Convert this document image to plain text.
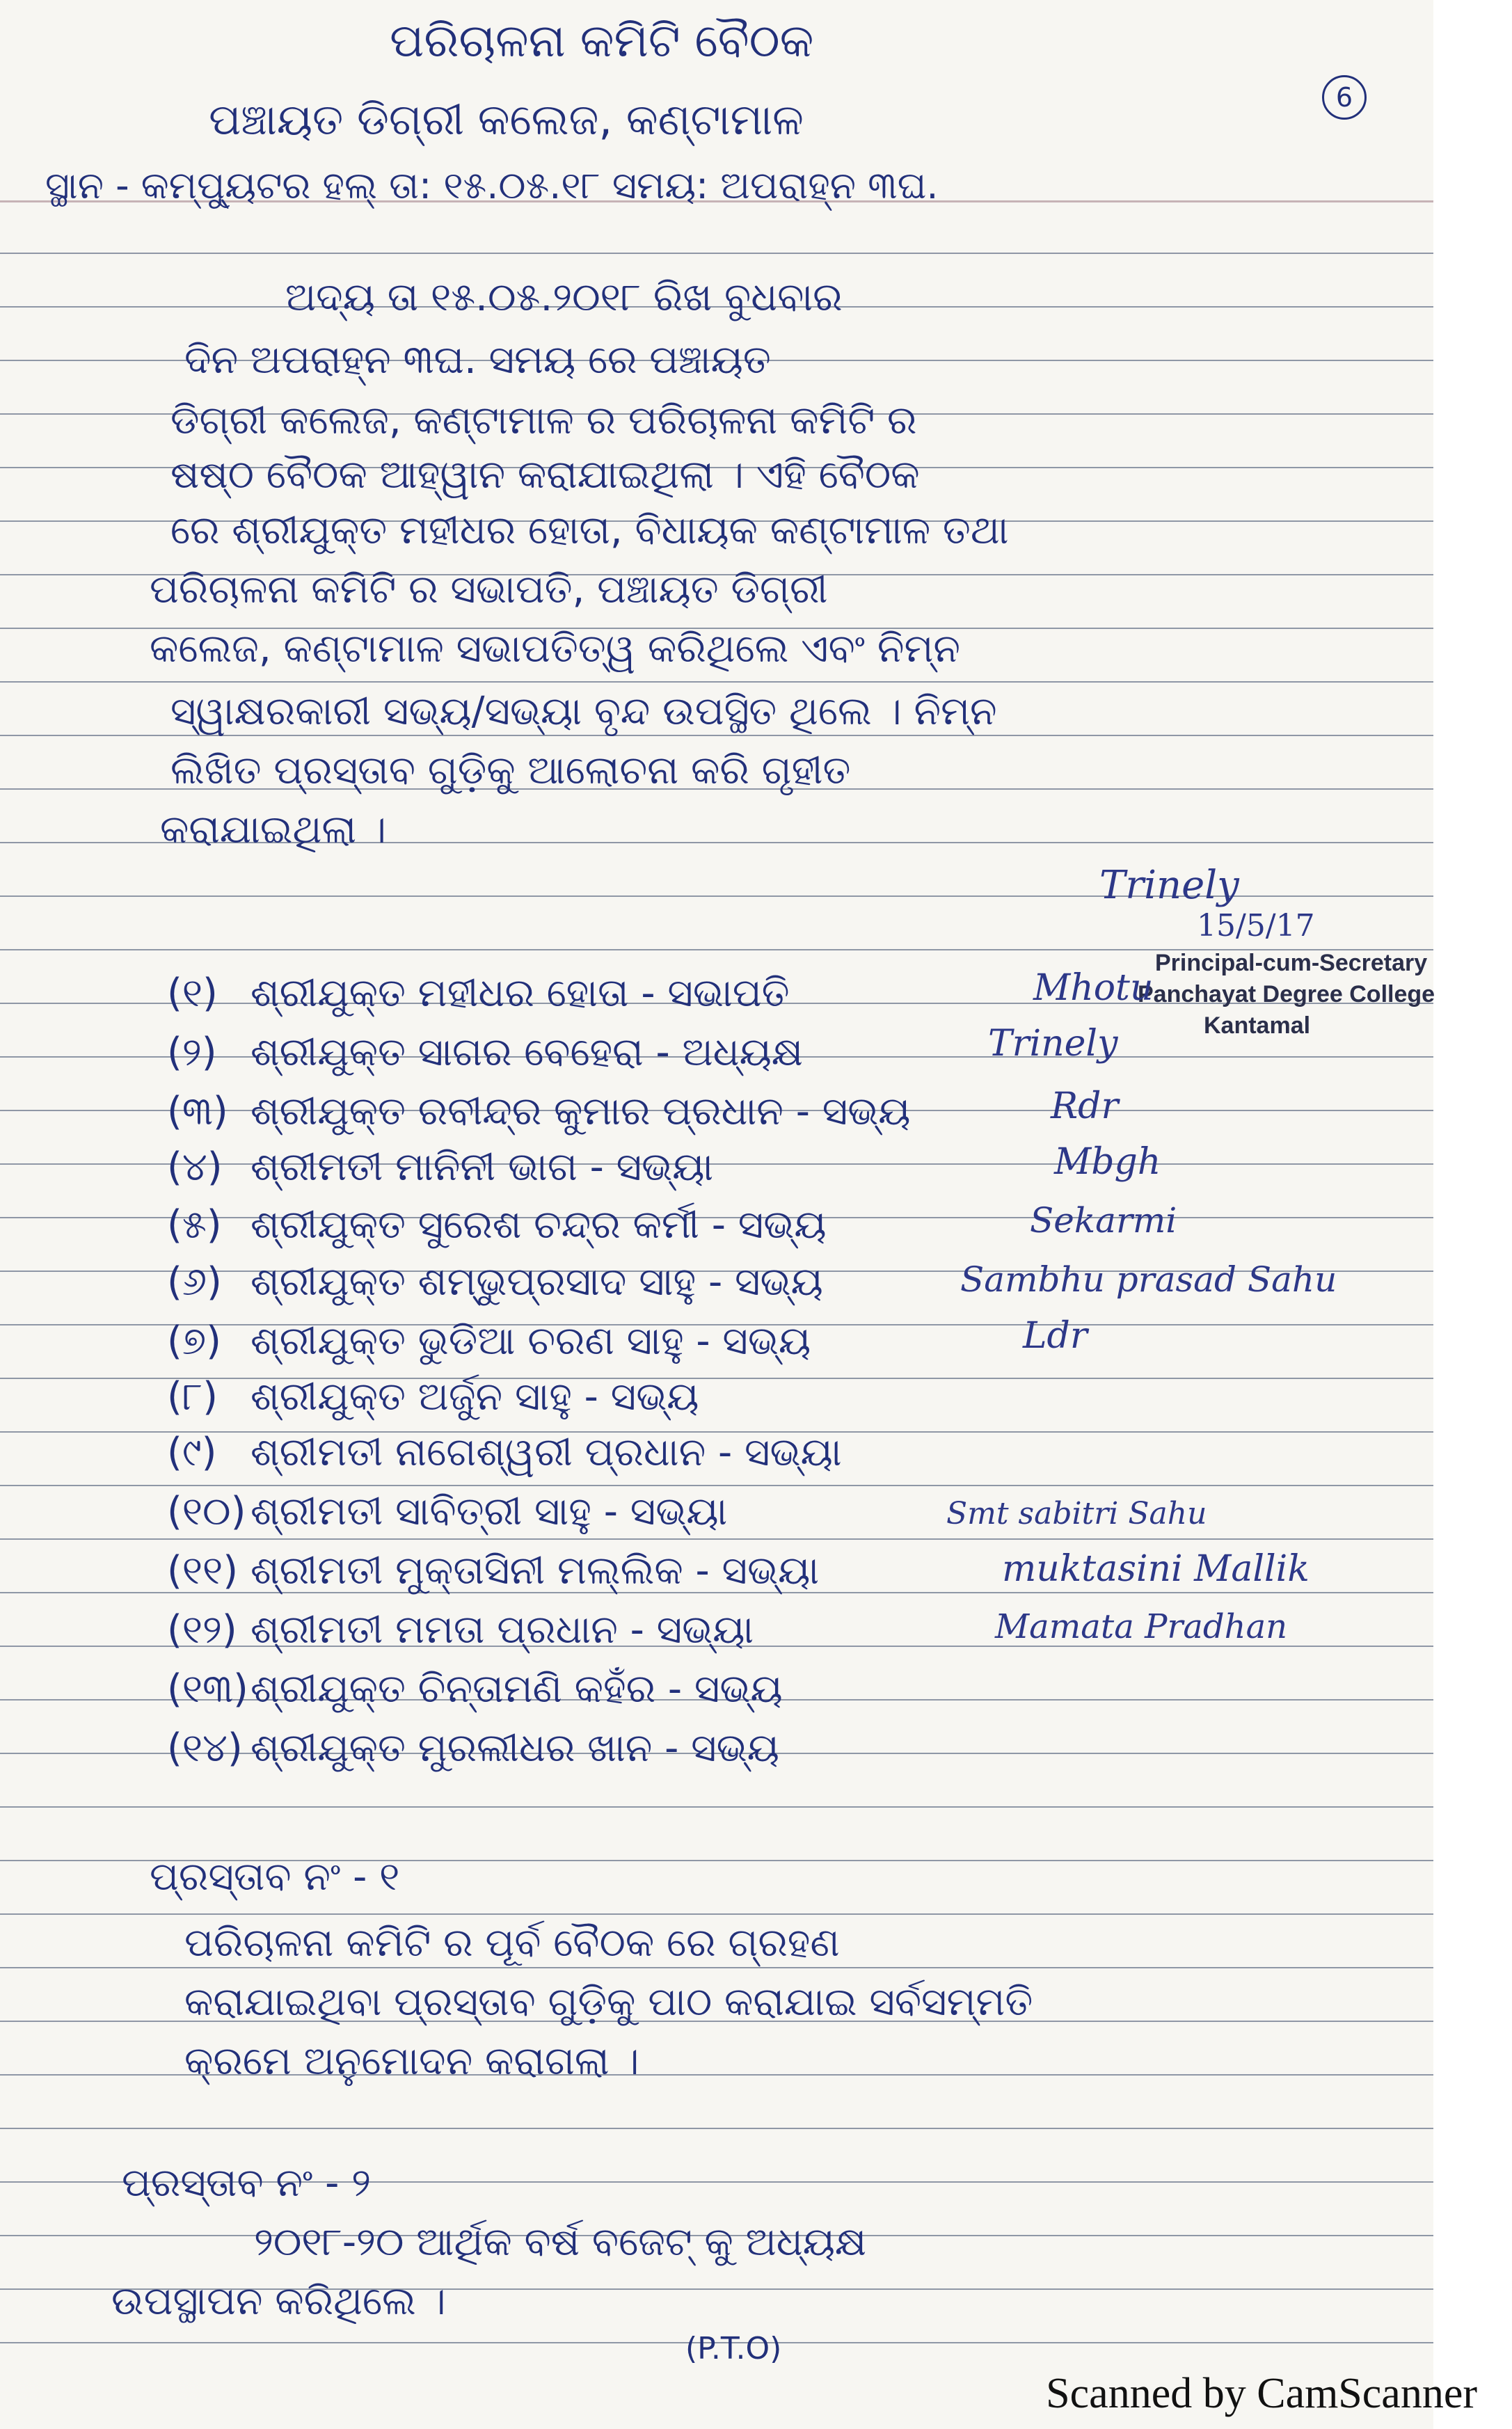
ପରିଚାଳନା କମିଟି ବୈଠକ
ପଞ୍ଚାୟତ ଡିଗ୍ରୀ କଲେଜ, କଣ୍ଟାମାଳ
ସ୍ଥାନ - କମ୍ପ୍ୟୁଟର ହଲ୍ ତା: ୧୫.୦୫.୧୮ ସମୟ: ଅପରାହ୍ନ ୩ଘ.
6
ଅଦ୍ୟ ତା ୧୫.୦୫.୨୦୧୮ ରିଖ ବୁଧବାର
ଦିନ ଅପରାହ୍ନ ୩ଘ. ସମୟ ରେ ପଞ୍ଚାୟତ
ଡିଗ୍ରୀ କଲେଜ, କଣ୍ଟାମାଳ ର ପରିଚାଳନା କମିଟି ର
ଷଷ୍ଠ ବୈଠକ ଆହ୍ୱାନ କରାଯାଇଥିଲା । ଏହି ବୈଠକ
ରେ ଶ୍ରୀଯୁକ୍ତ ମହୀଧର ହୋତା, ବିଧାୟକ କଣ୍ଟାମାଳ ତଥା
ପରିଚାଳନା କମିଟି ର ସଭାପତି, ପଞ୍ଚାୟତ ଡିଗ୍ରୀ
କଲେଜ, କଣ୍ଟାମାଳ ସଭାପତିତ୍ୱ କରିଥିଲେ ଏବଂ ନିମ୍ନ
ସ୍ୱାକ୍ଷରକାରୀ ସଭ୍ୟ/ସଭ୍ୟା ବୃନ୍ଦ ଉପସ୍ଥିତ ଥିଲେ । ନିମ୍ନ
ଲିଖିତ ପ୍ରସ୍ତାବ ଗୁଡ଼ିକୁ ଆଲୋଚନା କରି ଗୃହୀତ
କରାଯାଇଥିଲା ।
Trinely
15/5/17
Principal-cum-Secretary
Panchayat Degree College
Kantamal
(୧) ଶ୍ରୀଯୁକ୍ତ ମହୀଧର ହୋତା - ସଭାପତି	Mhotu
(୨) ଶ୍ରୀଯୁକ୍ତ ସାଗର ବେହେରା - ଅଧ୍ୟକ୍ଷ	Trinely
(୩) ଶ୍ରୀଯୁକ୍ତ ରବୀନ୍ଦ୍ର କୁମାର ପ୍ରଧାନ - ସଭ୍ୟ	Rdr
(୪) ଶ୍ରୀମତୀ ମାନିନୀ ଭାଗ - ସଭ୍ୟା	Mbgh
(୫) ଶ୍ରୀଯୁକ୍ତ ସୁରେଶ ଚନ୍ଦ୍ର କର୍ମୀ - ସଭ୍ୟ	Sekarmi
(୬) ଶ୍ରୀଯୁକ୍ତ ଶମ୍ଭୁପ୍ରସାଦ ସାହୁ - ସଭ୍ୟ	Sambhu prasad Sahu
(୭) ଶ୍ରୀଯୁକ୍ତ ଭୁଡିଆ ଚରଣ ସାହୁ - ସଭ୍ୟ	Ldr
(୮) ଶ୍ରୀଯୁକ୍ତ ଅର୍ଜୁନ ସାହୁ - ସଭ୍ୟ
(୯) ଶ୍ରୀମତୀ ନାଗେଶ୍ୱରୀ ପ୍ରଧାନ - ସଭ୍ୟା
(୧୦) ଶ୍ରୀମତୀ ସାବିତ୍ରୀ ସାହୁ - ସଭ୍ୟା	Smt sabitri Sahu
(୧୧) ଶ୍ରୀମତୀ ମୁକ୍ତାସିନୀ ମଲ୍ଲିକ - ସଭ୍ୟା	muktasini Mallik
(୧୨) ଶ୍ରୀମତୀ ମମତା ପ୍ରଧାନ - ସଭ୍ୟା	Mamata Pradhan
(୧୩)ଶ୍ରୀଯୁକ୍ତ ଚିନ୍ତାମଣି କହଁର - ସଭ୍ୟ
(୧୪) ଶ୍ରୀଯୁକ୍ତ ମୁରଲୀଧର ଖାନ - ସଭ୍ୟ
ପ୍ରସ୍ତାବ ନଂ - ୧
ପରିଚାଳନା କମିଟି ର ପୂର୍ବ ବୈଠକ ରେ ଗ୍ରହଣ
କରାଯାଇଥିବା ପ୍ରସ୍ତାବ ଗୁଡ଼ିକୁ ପାଠ କରାଯାଇ ସର୍ବସମ୍ମତି
କ୍ରମେ ଅନୁମୋଦନ କରାଗଲା ।
ପ୍ରସ୍ତାବ ନଂ - ୨
୨୦୧୮-୨୦ ଆର୍ଥିକ ବର୍ଷ ବଜେଟ୍ କୁ ଅଧ୍ୟକ୍ଷ
ଉପସ୍ଥାପନ କରିଥିଲେ ।
(P.T.O)
Scanned by CamScanner
